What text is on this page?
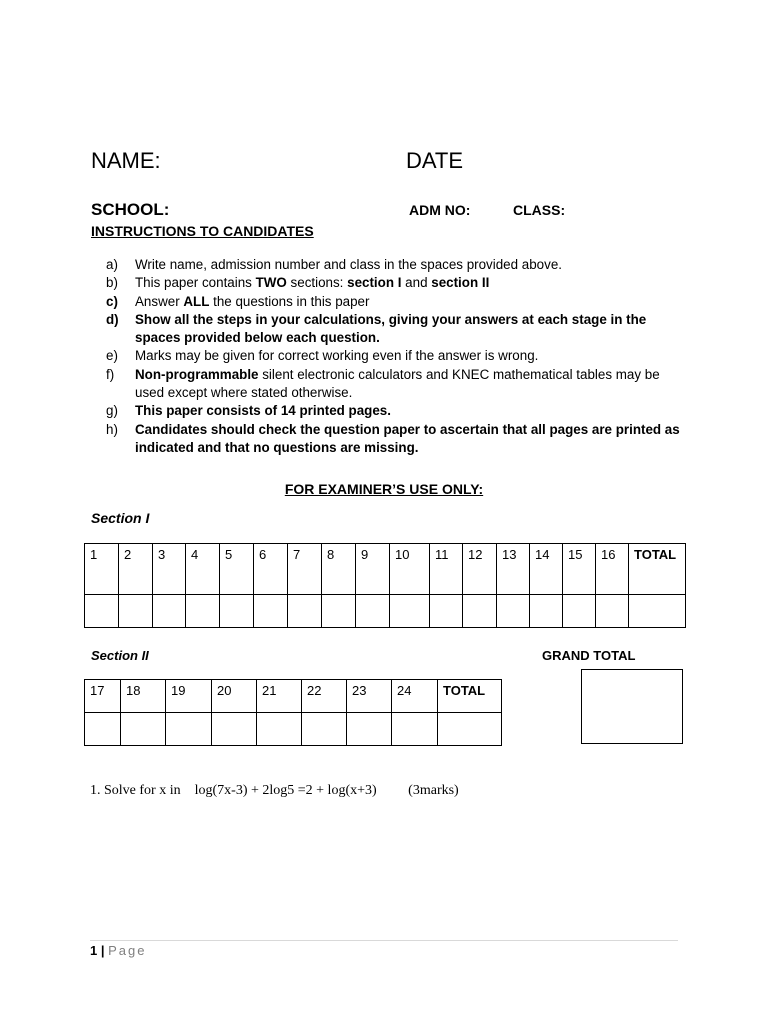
NAME:	DATE
SCHOOL:	ADM NO:	CLASS:
INSTRUCTIONS TO CANDIDATES
a)	Write name, admission number and class in the spaces provided above.
b)	This paper contains TWO sections: section I and section II
c)	Answer ALL the questions in this paper
d)	Show all the steps in your calculations, giving your answers at each stage in the spaces provided below each question.
e)	Marks may be given for correct working even if the answer is wrong.
f)	Non-programmable silent electronic calculators and KNEC mathematical tables may be used except where stated otherwise.
g)	This paper consists of 14 printed pages.
h)	Candidates should check the question paper to ascertain that all pages are printed as indicated and that no questions are missing.
FOR EXAMINER’S USE ONLY:
Section I
1	2	3	4	5	6	7	8	9	10	11	12	13	14	15	16	TOTAL

Section II	GRAND TOTAL
17	18	19	20	21	22	23	24	TOTAL

1. Solve for x in log(7x-3) + 2log5 =2 + log(x+3) (3marks)
1 | Page
